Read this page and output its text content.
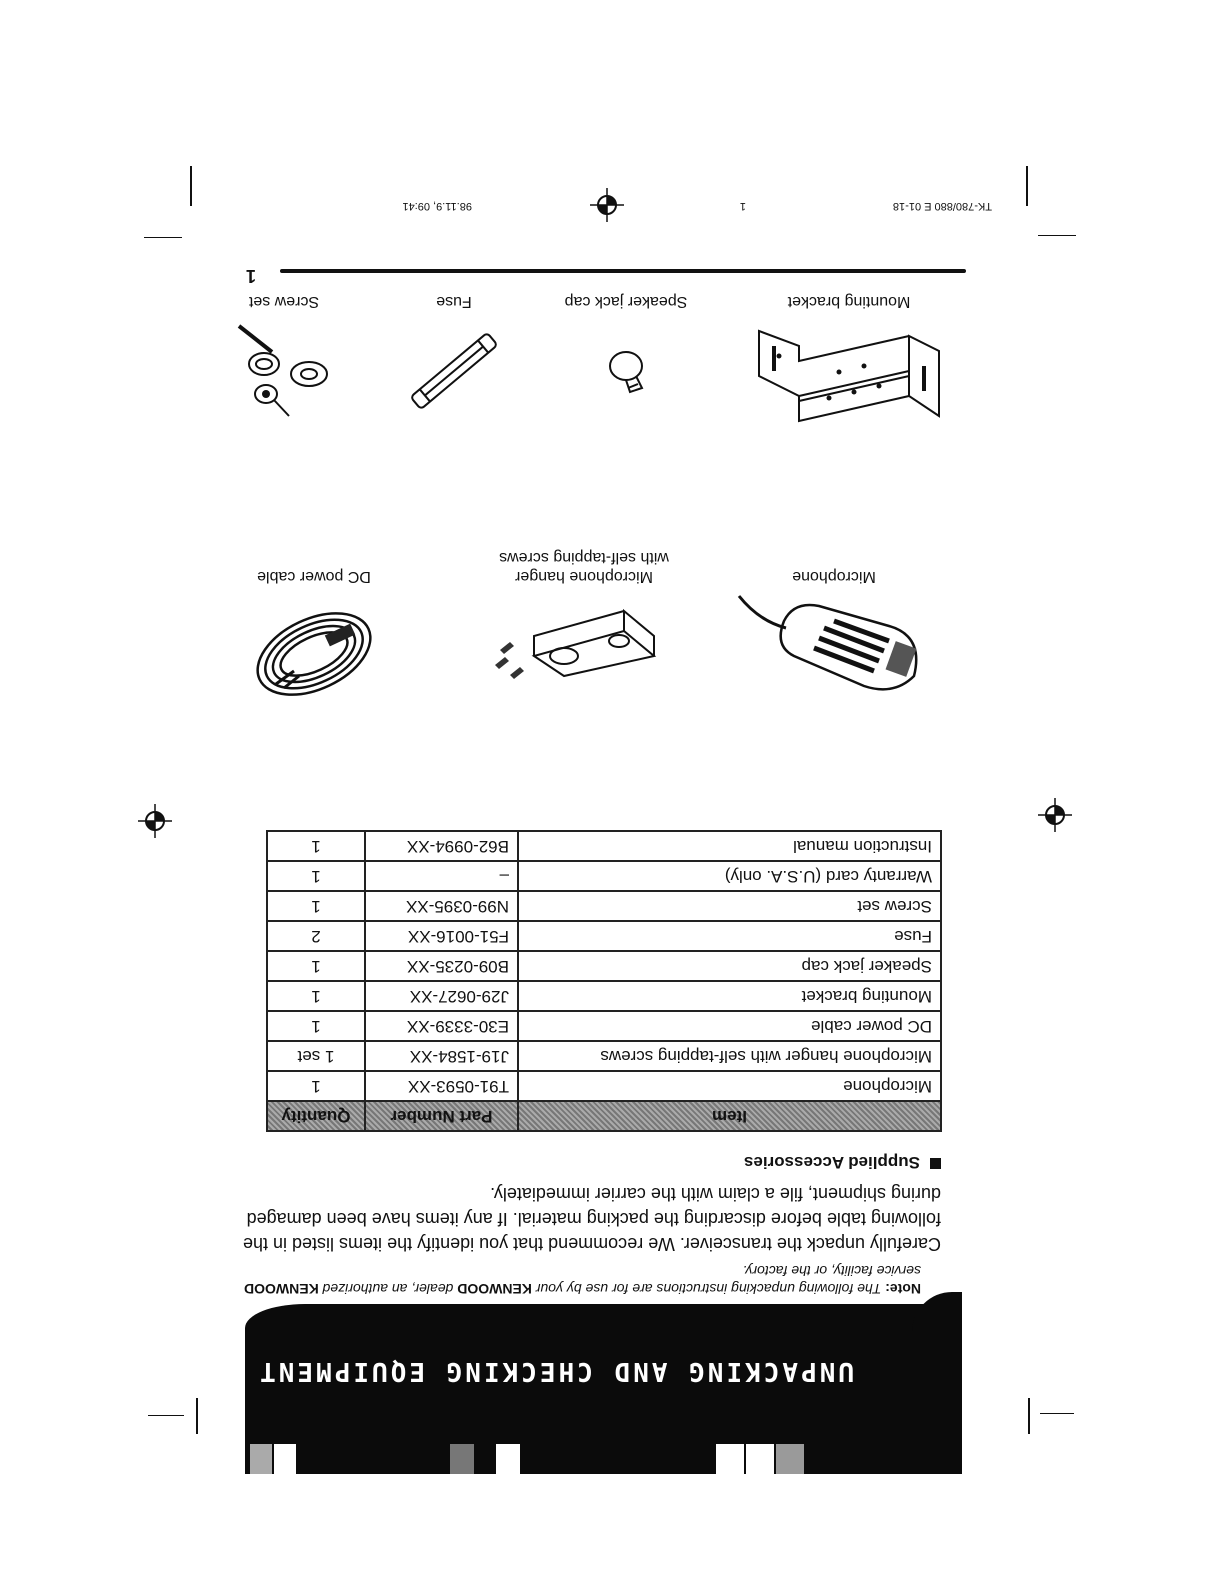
UNPACKING AND CHECKING EQUIPMENT
Note: The following unpacking instructions are for use by your KENWOOD dealer, an authorized KENWOOD service facility, or the factory.
Carefully unpack the transceiver. We recommend that you identify the items listed in the following table before discarding the packing material. If any items have been damaged during shipment, file a claim with the carrier immediately.
Supplied Accessories
Item	Part Number	Quantity
Microphone	T91-0593-XX	1
Microphone hanger with self-tapping screws	J19-1584-XX	1 set
DC power cable	E30-3339-XX	1
Mounting bracket	J29-0627-XX	1
Speaker jack cap	B09-0235-XX	1
Fuse	F51-0016-XX	2
Screw set	N99-0395-XX	1
Warranty card (U.S.A. only)	–	1
Instruction manual	B62-0994-XX	1
Microphone
Microphone hanger
with self-tapping screws
DC power cable
Mounting bracket
Speaker jack cap
Fuse
Screw set
1
TK-780/880 E 01-18
1
98.11.9, 09:41
